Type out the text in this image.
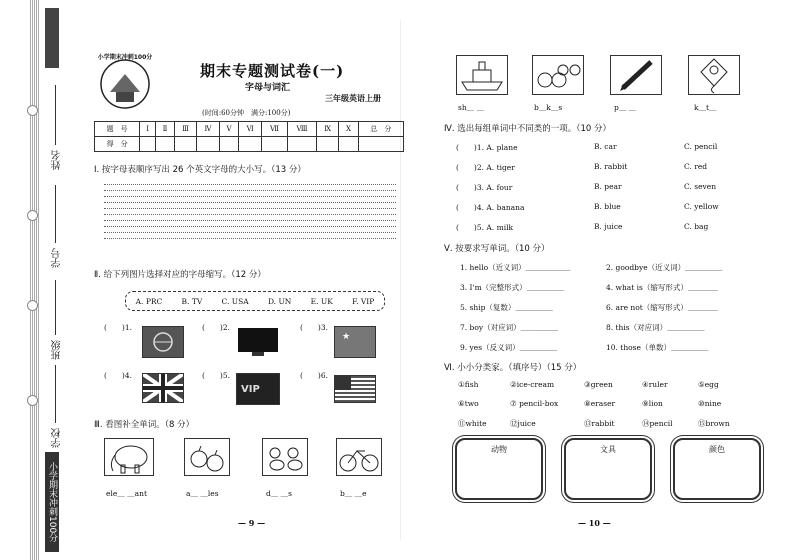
姓名
学号
班级
学校
小学期末冲刺100分
小学期末冲刺100分
期末专题测试卷(一)
字母与词汇
三年级英语上册
(时间:60分钟　满分:100分)
题　号	Ⅰ	Ⅱ	Ⅲ	Ⅳ	Ⅴ	Ⅵ	Ⅶ	Ⅷ	Ⅸ	Ⅹ	总　分
得　分											
Ⅰ. 按字母表顺序写出 26 个英文字母的大小写。（13 分）
Ⅱ. 给下列图片选择对应的字母缩写。（12 分）
A. PRC	B. TV	C. USA	D. UN	E. UK	F. VIP
(　　)1.	(　　)2.	(　　)3.
★
(　　)4.	(　　)5.
VIP
(　　)6.
Ⅲ. 看图补全单词。（8 分）
ele＿ ＿ant	a＿ ＿les	d＿ ＿s	b＿ ＿e
— 9 —
sh＿ ＿	b＿k＿s	p＿ ＿	k＿t＿
Ⅳ. 选出每组单词中不同类的一项。（10 分）
(　　)1. A. plane	B. car	C. pencil
(　　)2. A. tiger	B. rabbit	C. red
(　　)3. A. four	B. pear	C. seven
(　　)4. A. banana	B. blue	C. yellow
(　　)5. A. milk	B. juice	C. bag
Ⅴ. 按要求写单词。（10 分）
1. hello（近义词）＿＿＿＿＿＿	2. goodbye（近义词）＿＿＿＿＿
3. I'm（完整形式）＿＿＿＿＿	4. what is（缩写形式）＿＿＿＿
5. ship（复数）＿＿＿＿＿	6. are not（缩写形式）＿＿＿＿
7. boy（对应词）＿＿＿＿＿	8. this（对应词）＿＿＿＿＿
9. yes（反义词）＿＿＿＿＿	10. those（单数）＿＿＿＿＿
Ⅵ. 小小分类家。（填序号）（15 分）
①fish	②ice-cream	③green	④ruler	⑤egg
⑥two	⑦ pencil-box	⑧eraser	⑨lion	⑩nine
⑪white	⑫juice	⑬rabbit	⑭pencil	⑮brown
动物	文具	颜色
— 10 —
